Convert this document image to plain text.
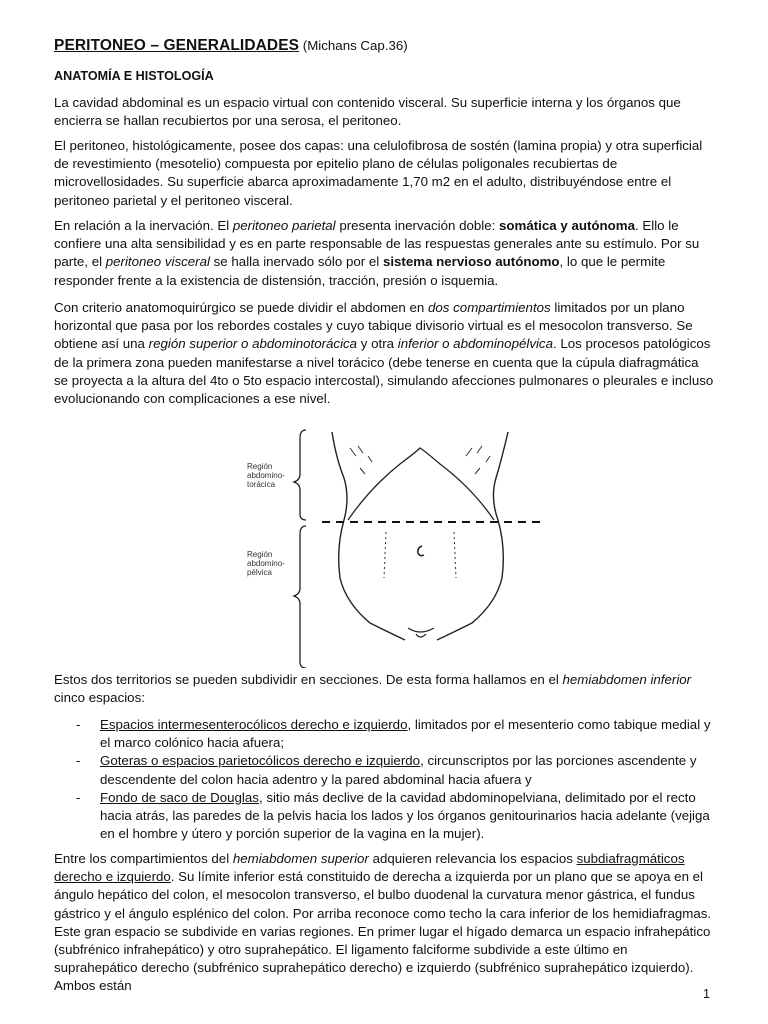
PERITONEO – GENERALIDADES (Michans Cap.36)
ANATOMÍA E HISTOLOGÍA

La cavidad abdominal es un espacio virtual con contenido visceral. Su superficie interna y los órganos que encierra se hallan recubiertos por una serosa, el peritoneo.

El peritoneo, histológicamente, posee dos capas: una celulofibrosa de sostén (lamina propia) y otra superficial de revestimiento (mesotelio) compuesta por epitelio plano de células poligonales recubiertas de microvellosidades. Su superficie abarca aproximadamente 1,70 m2 en el adulto, distribuyéndose entre el peritoneo parietal y el peritoneo visceral.

En relación a la inervación. El peritoneo parietal presenta inervación doble: somática y autónoma. Ello le confiere una alta sensibilidad y es en parte responsable de las respuestas generales ante su estímulo. Por su parte, el peritoneo visceral se halla inervado sólo por el sistema nervioso autónomo, lo que le permite responder frente a la existencia de distensión, tracción, presión o isquemia.

Con criterio anatomoquirúrgico se puede dividir el abdomen en dos compartimientos limitados por un plano horizontal que pasa por los rebordes costales y cuyo tabique divisorio virtual es el mesocolon transverso. Se obtiene así una región superior o abdominotorácica y otra inferior o abdominopélvica. Los procesos patológicos de la primera zona pueden manifestarse a nivel torácico (debe tenerse en cuenta que la cúpula diafragmática se proyecta a la altura del 4to o 5to espacio intercostal), simulando afecciones pulmonares o pleurales e incluso evolucionando con complicaciones a ese nivel.

Región
abdomino-
torácica
Región
abdomino-
pélvica

Estos dos territorios se pueden subdividir en secciones. De esta forma hallamos en el hemiabdomen inferior cinco espacios:

- Espacios intermesenterocólicos derecho e izquierdo, limitados por el mesenterio como tabique medial y el marco colónico hacia afuera;
- Goteras o espacios parietocólicos derecho e izquierdo, circunscriptos por las porciones ascendente y descendente del colon hacia adentro y la pared abdominal hacia afuera y
- Fondo de saco de Douglas, sitio más declive de la cavidad abdominopelviana, delimitado por el recto hacia atrás, las paredes de la pelvis hacia los lados y los órganos genitourinarios hacia adelante (vejiga en el hombre y útero y porción superior de la vagina en la mujer).

Entre los compartimientos del hemiabdomen superior adquieren relevancia los espacios subdiafragmáticos derecho e izquierdo. Su límite inferior está constituido de derecha a izquierda por un plano que se apoya en el ángulo hepático del colon, el mesocolon transverso, el bulbo duodenal la curvatura menor gástrica, el fundus gástrico y el ángulo esplénico del colon. Por arriba reconoce como techo la cara inferior de los hemidiafragmas. Este gran espacio se subdivide en varias regiones. En primer lugar el hígado demarca un espacio infrahepático (subfrénico infrahepático) y otro suprahepático. El ligamento falciforme subdivide a este último en suprahepático derecho (subfrénico suprahepático derecho) e izquierdo (subfrénico suprahepático izquierdo). Ambos están

1
